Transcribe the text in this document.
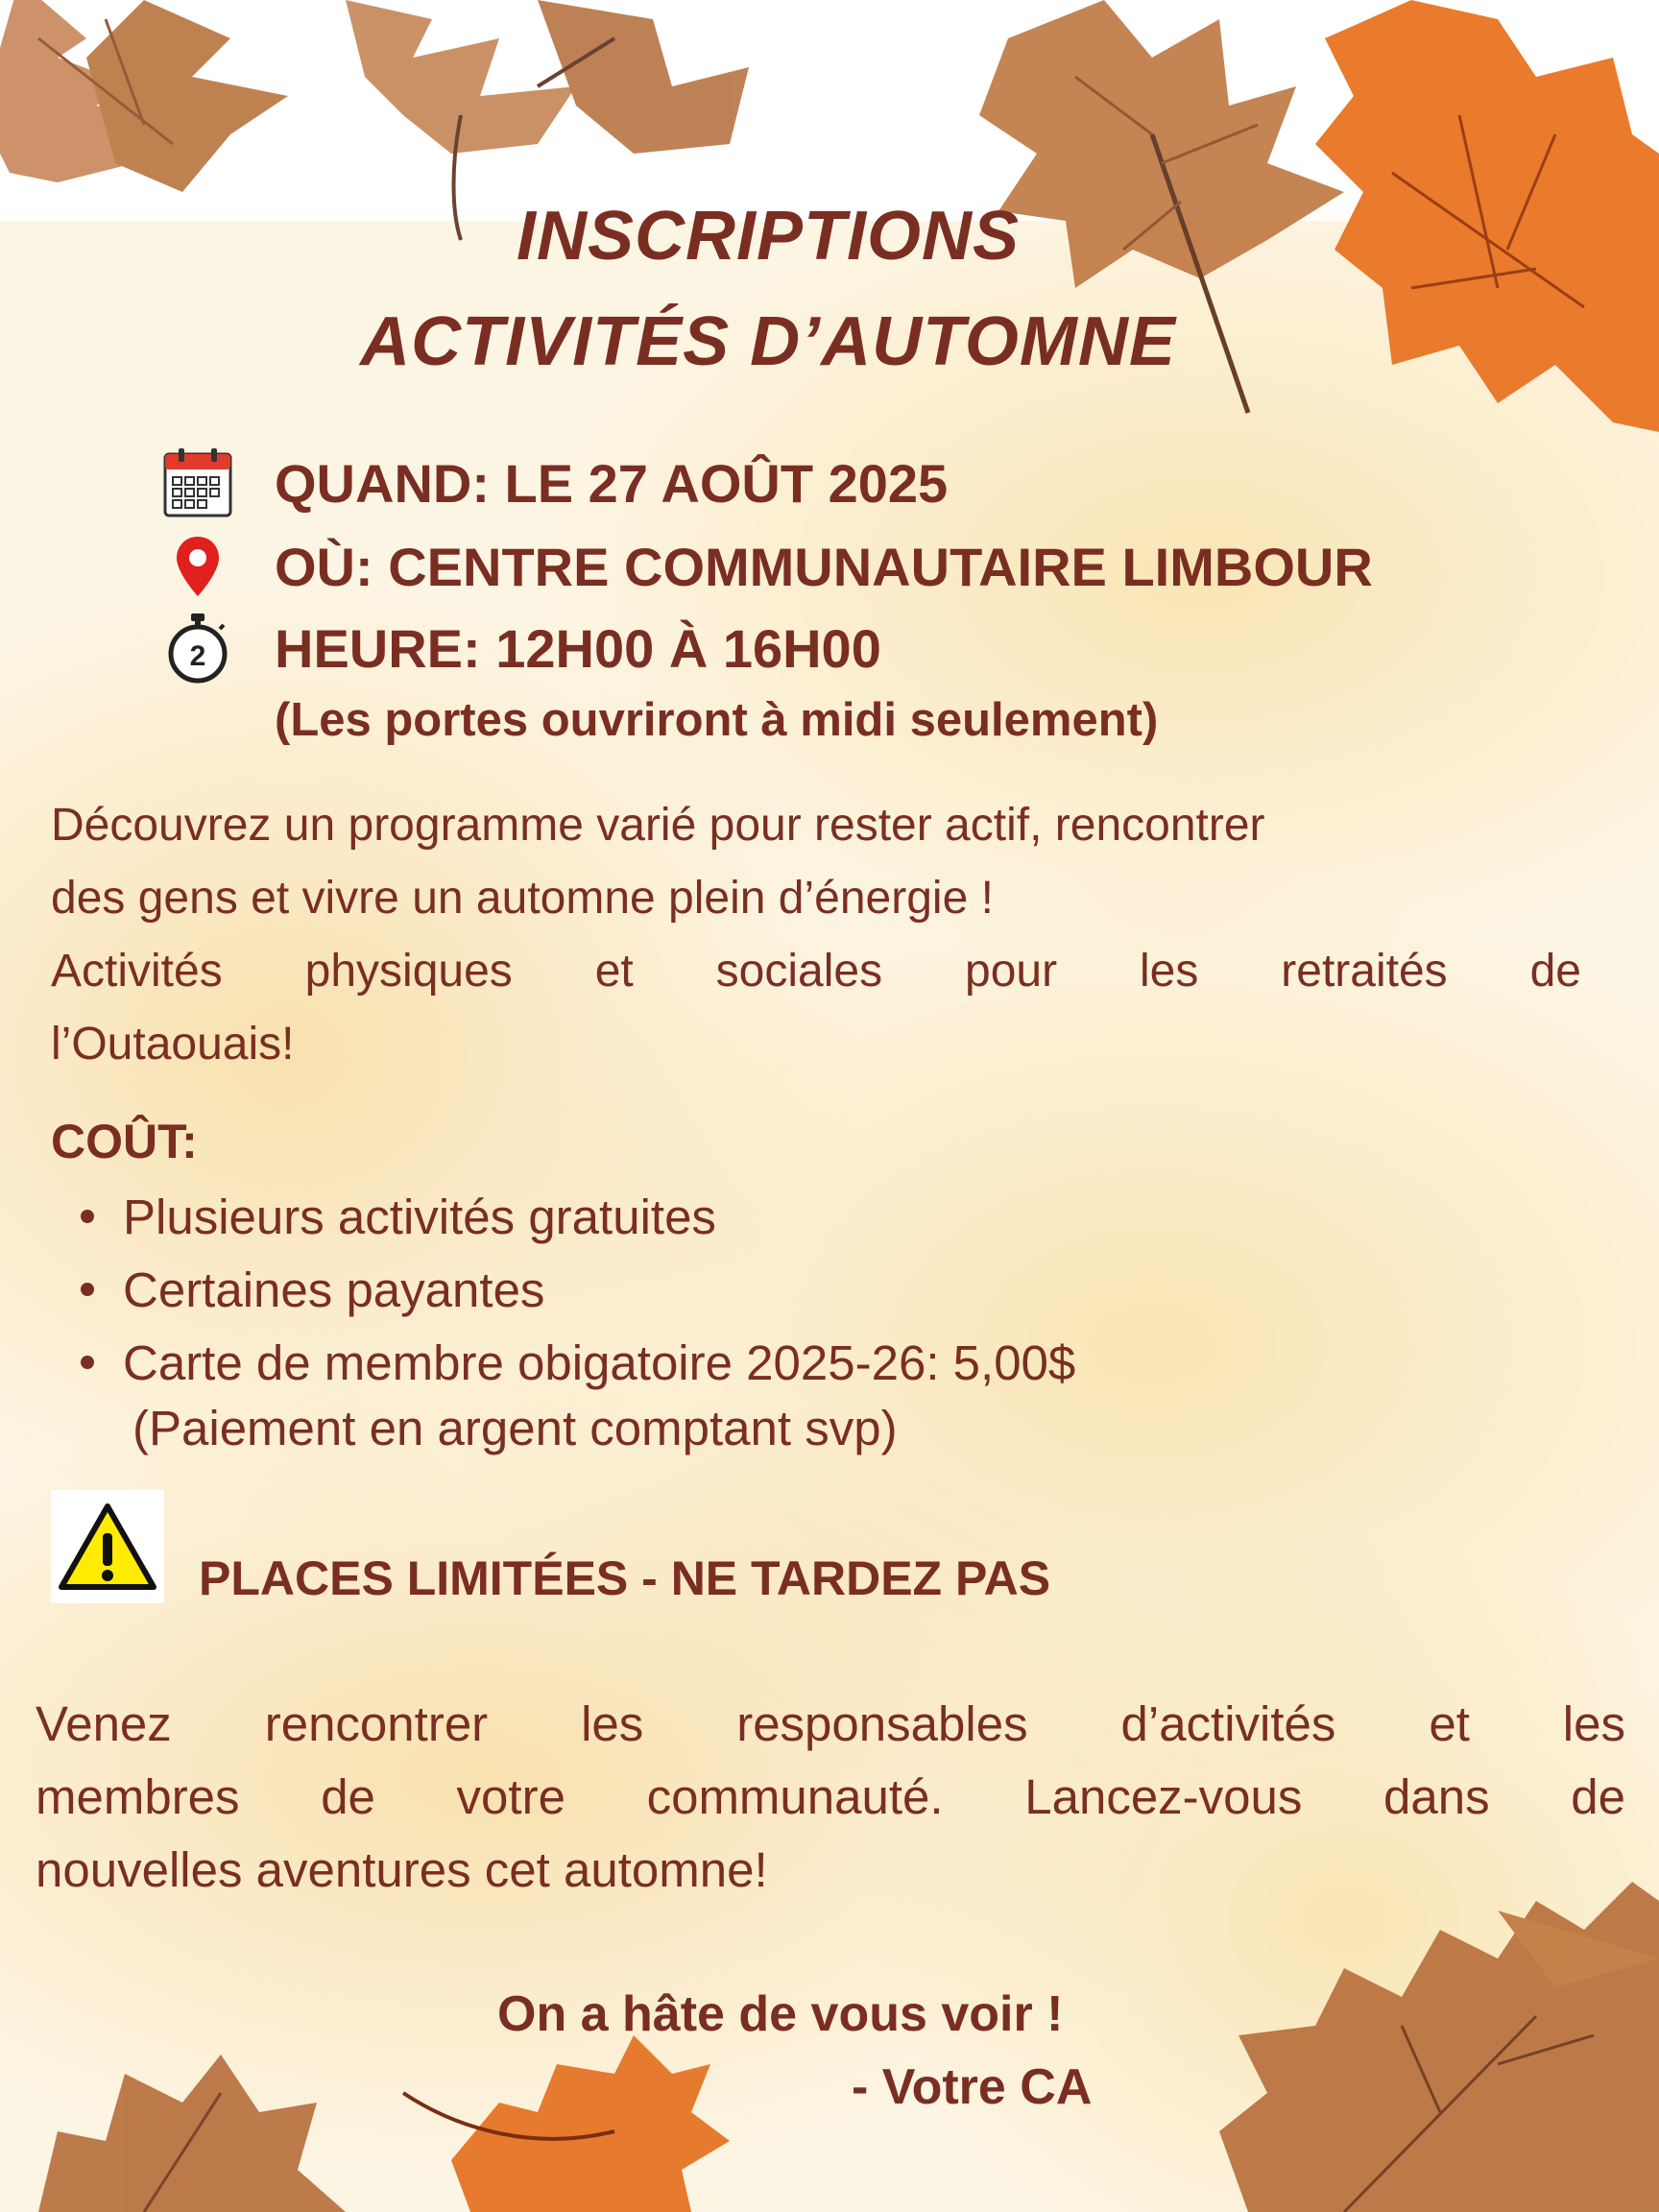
INSCRIPTIONS
ACTIVITÉS D’AUTOMNE
QUAND: LE 27 AOÛT 2025
OÙ: CENTRE COMMUNAUTAIRE LIMBOUR
2 HEURE: 12H00 À 16H00
(Les portes ouvriront à midi seulement)
Découvrez un programme varié pour rester actif, rencontrer
des gens et vivre un automne plein d’énergie !
Activités physiques et sociales pour les retraités de
l’Outaouais!
COÛT:
Plusieurs activités gratuites
Certaines payantes
Carte de membre obigatoire 2025-26: 5,00$
(Paiement en argent comptant svp)
PLACES LIMITÉES - NE TARDEZ PAS
Venez rencontrer les responsables d’activités et les
membres de votre communauté. Lancez-vous dans de
nouvelles aventures cet automne!
On a hâte de vous voir !
- Votre CA
